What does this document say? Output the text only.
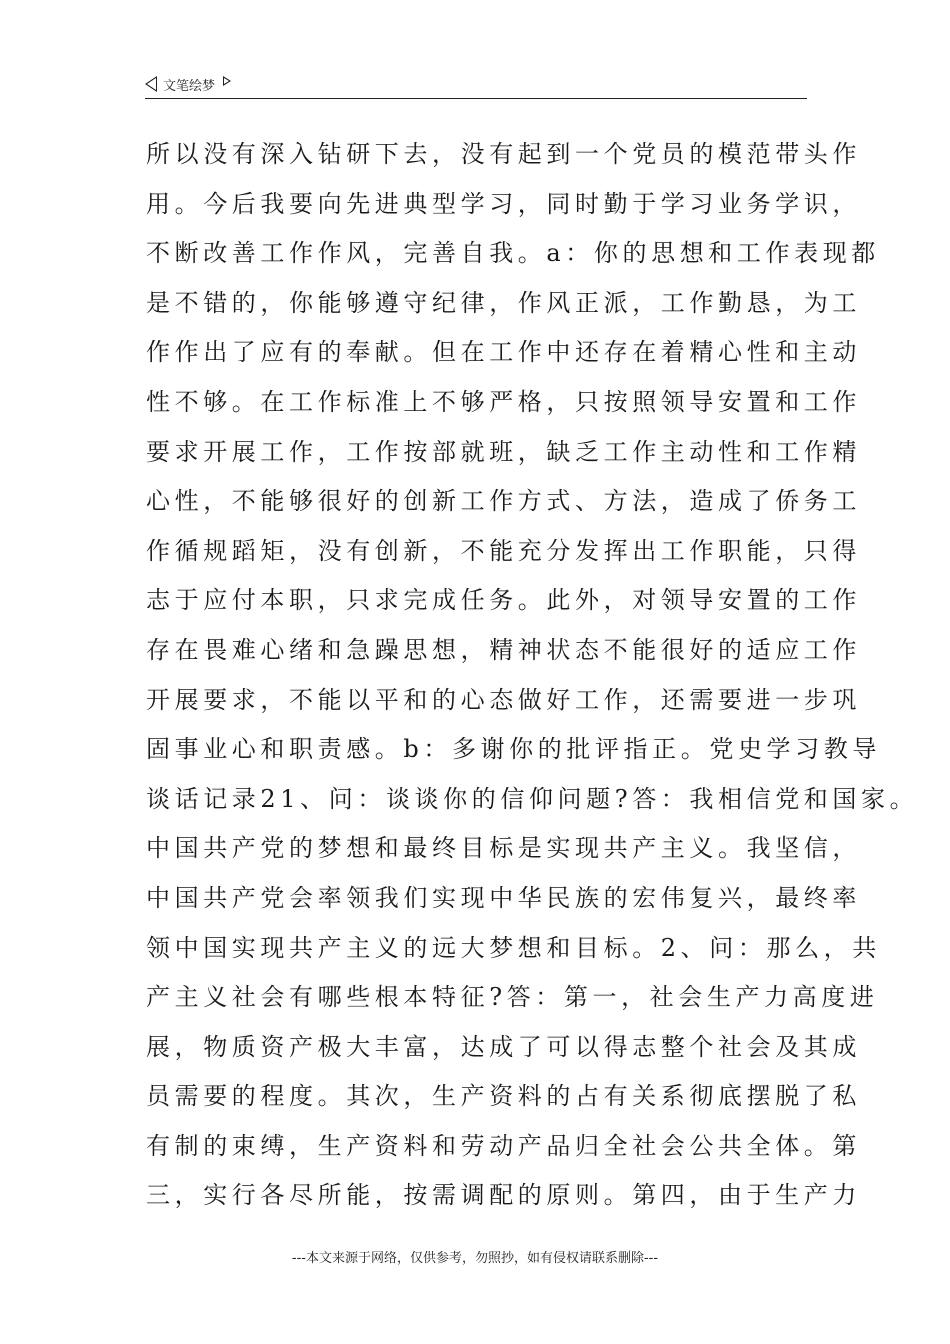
文笔绘梦
所以没有深入钻研下去，没有起到一个党员的模范带头作
用。今后我要向先进典型学习，同时勤于学习业务学识，
不断改善工作作风，完善自我。a：你的思想和工作表现都
是不错的，你能够遵守纪律，作风正派，工作勤恳，为工
作作出了应有的奉献。但在工作中还存在着精心性和主动
性不够。在工作标准上不够严格，只按照领导安置和工作
要求开展工作，工作按部就班，缺乏工作主动性和工作精
心性，不能够很好的创新工作方式、方法，造成了侨务工
作循规蹈矩，没有创新，不能充分发挥出工作职能，只得
志于应付本职，只求完成任务。此外，对领导安置的工作
存在畏难心绪和急躁思想，精神状态不能很好的适应工作
开展要求，不能以平和的心态做好工作，还需要进一步巩
固事业心和职责感。b：多谢你的批评指正。党史学习教导
谈话记录21、问：谈谈你的信仰问题?答：我相信党和国家。
中国共产党的梦想和最终目标是实现共产主义。我坚信，
中国共产党会率领我们实现中华民族的宏伟复兴，最终率
领中国实现共产主义的远大梦想和目标。2、问：那么，共
产主义社会有哪些根本特征?答：第一，社会生产力高度进
展，物质资产极大丰富，达成了可以得志整个社会及其成
员需要的程度。其次，生产资料的占有关系彻底摆脱了私
有制的束缚，生产资料和劳动产品归全社会公共全体。第
三，实行各尽所能，按需调配的原则。第四，由于生产力
---本文来源于网络，仅供参考，勿照抄，如有侵权请联系删除---
